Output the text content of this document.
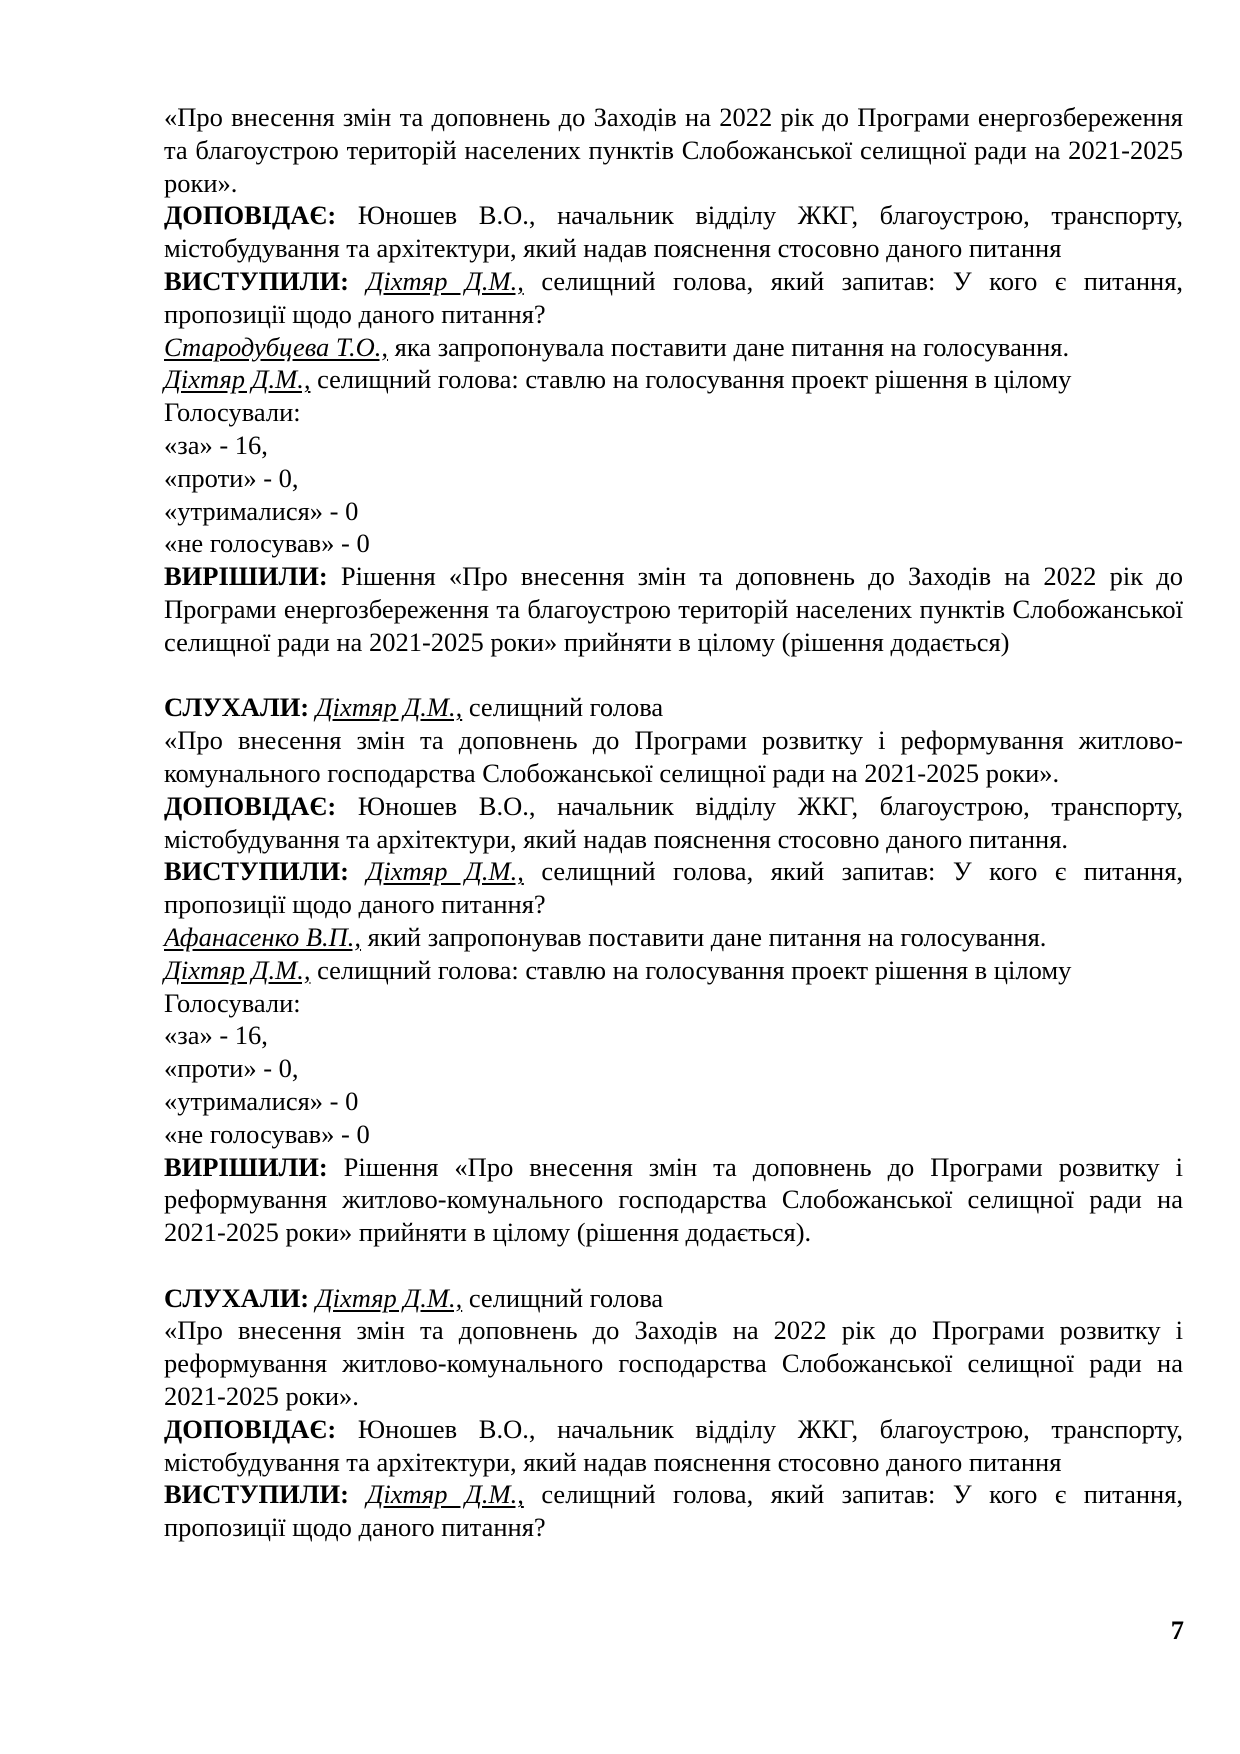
«Про внесення змін та доповнень до Заходів на 2022 рік до Програми енергозбереження та благоустрою територій населених пунктів Слобожанської селищної ради на 2021-2025 роки».

ДОПОВІДАЄ: Юношев В.О., начальник відділу ЖКГ, благоустрою, транспорту, містобудування та архітектури, який надав пояснення стосовно даного питання

ВИСТУПИЛИ: Діхтяр Д.М., селищний голова, який запитав: У кого є питання, пропозиції щодо даного питання?

Стародубцева Т.О., яка запропонувала поставити дане питання на голосування.

Діхтяр Д.М., селищний голова: ставлю на голосування проект рішення в цілому

Голосували:

«за» - 16,

«проти» - 0,

«утрималися» - 0

«не голосував» - 0

ВИРІШИЛИ: Рішення «Про внесення змін та доповнень до Заходів на 2022 рік до Програми енергозбереження та благоустрою територій населених пунктів Слобожанської селищної ради на 2021-2025 роки» прийняти в цілому (рішення додається)

СЛУХАЛИ: Діхтяр Д.М., селищний голова

«Про внесення змін та доповнень до Програми розвитку і реформування житлово-комунального господарства Слобожанської селищної ради на 2021-2025 роки».

ДОПОВІДАЄ: Юношев В.О., начальник відділу ЖКГ, благоустрою, транспорту, містобудування та архітектури, який надав пояснення стосовно даного питання.

ВИСТУПИЛИ: Діхтяр Д.М., селищний голова, який запитав: У кого є питання, пропозиції щодо даного питання?

Афанасенко В.П., який запропонував поставити дане питання на голосування.

Діхтяр Д.М., селищний голова: ставлю на голосування проект рішення в цілому

Голосували:

«за» - 16,

«проти» - 0,

«утрималися» - 0

«не голосував» - 0

ВИРІШИЛИ: Рішення «Про внесення змін та доповнень до Програми розвитку і реформування житлово-комунального господарства Слобожанської селищної ради на 2021-2025 роки» прийняти в цілому (рішення додається).

СЛУХАЛИ: Діхтяр Д.М., селищний голова

«Про внесення змін та доповнень до Заходів на 2022 рік до Програми розвитку і реформування житлово-комунального господарства Слобожанської селищної ради на 2021-2025 роки».

ДОПОВІДАЄ: Юношев В.О., начальник відділу ЖКГ, благоустрою, транспорту, містобудування та архітектури, який надав пояснення стосовно даного питання

ВИСТУПИЛИ: Діхтяр Д.М., селищний голова, який запитав: У кого є питання, пропозиції щодо даного питання?

7
